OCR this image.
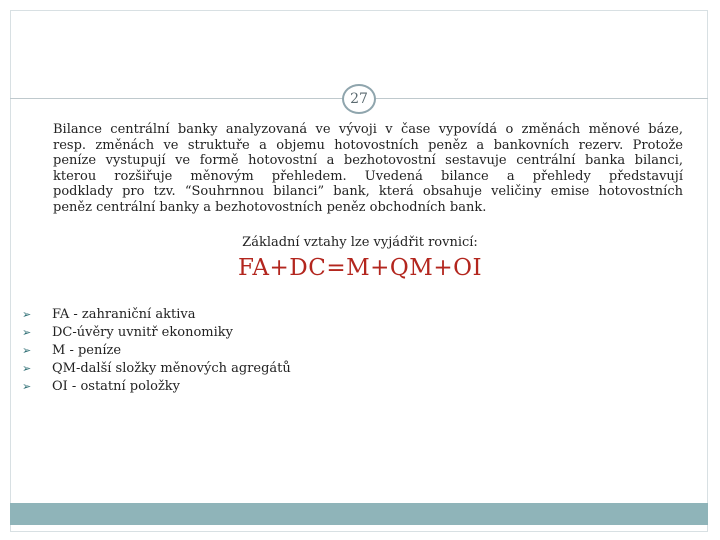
27

Bilance centrální banky analyzovaná ve vývoji v čase vypovídá o změnách měnové báze,
resp. změnách ve struktuře a objemu hotovostních peněz a bankovních rezerv. Protože
peníze vystupují ve formě hotovostní a bezhotovostní sestavuje centrální banka bilanci,
kterou rozšiřuje měnovým přehledem. Uvedená bilance a přehledy představují
podklady pro tzv. “Souhrnnou bilanci” bank, která obsahuje veličiny emise hotovostních
peněz centrální banky a bezhotovostních peněz obchodních bank.

Základní vztahy lze vyjádřit rovnicí:
FA+DC=M+QM+OI
➢ FA - zahraniční aktiva
➢ DC-úvěry uvnitř ekonomiky
➢ M - peníze
➢ QM-další složky měnových agregátů
➢ OI - ostatní položky
